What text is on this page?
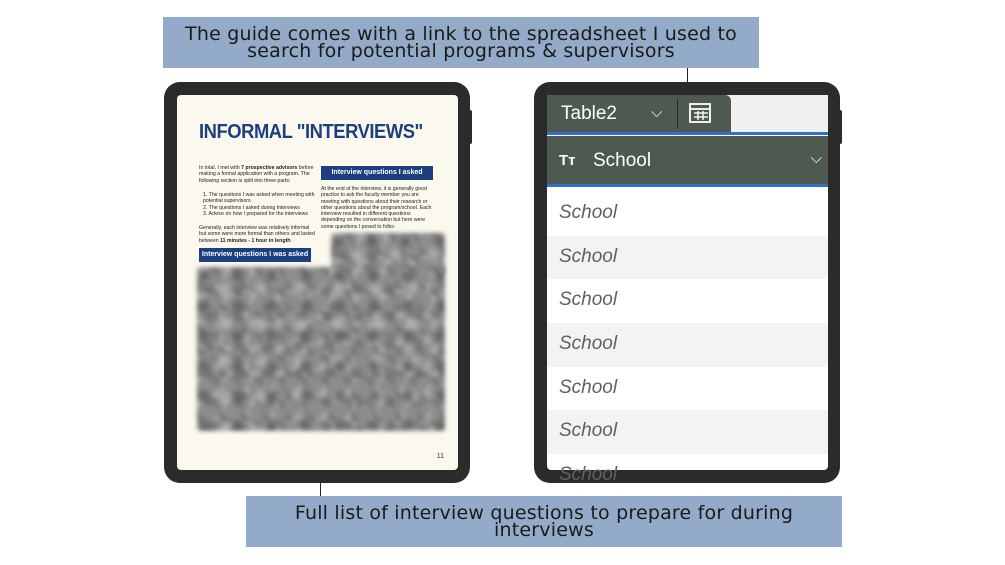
The guide comes with a link to the spreadsheet I used to search for potential programs & supervisors
Full list of interview questions to prepare for during interviews
INFORMAL "INTERVIEWS"
In total, I met with 7 prospective advisors before making a formal application with a program. The following section is split into three parts:
1. The questions I was asked when meeting with potential supervisors
2. The questions I asked during interviews
3. Advice on how I prepared for the interviews
Generally, each interview was relatively informal but some were more formal than others and lasted between 11 minutes - 1 hour in length.
Interview questions I was asked
Interview questions I asked
At the end of the interview, it is generally good practice to ask the faculty member you are meeting with questions about their research or other questions about the program/school. Each interview resulted in different questions depending on the conversation but here were some questions I posed to folks:
11
Table2 ⌵
Tт School	⌵
School
School
School
School
School
School
School
